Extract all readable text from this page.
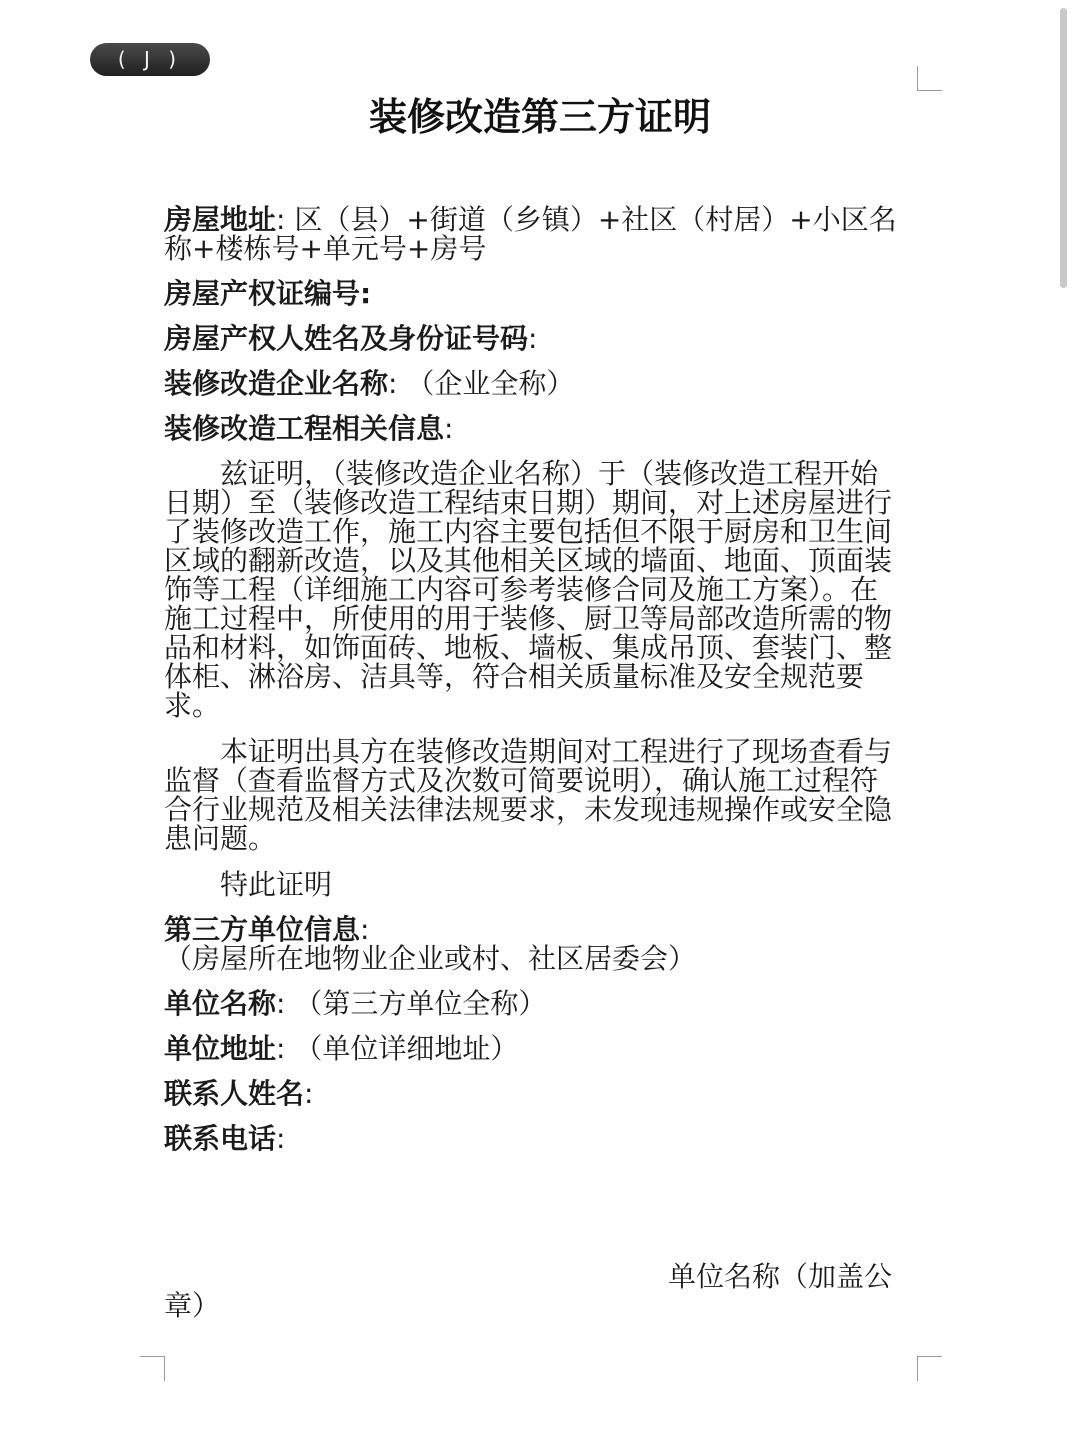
( J )
装修改造第三方证明

房屋地址: 区（县）+街道（乡镇）+社区（村居）+小区名称+楼栋号+单元号+房号

房屋产权证编号:

房屋产权人姓名及身份证号码:

装修改造企业名称: （企业全称）

装修改造工程相关信息:

兹证明，（装修改造企业名称）于（装修改造工程开始日期）至（装修改造工程结束日期）期间，对上述房屋进行了装修改造工作，施工内容主要包括但不限于厨房和卫生间区域的翻新改造，以及其他相关区域的墙面、地面、顶面装饰等工程（详细施工内容可参考装修合同及施工方案）。在施工过程中，所使用的用于装修、厨卫等局部改造所需的物品和材料，如饰面砖、地板、墙板、集成吊顶、套装门、整体柜、淋浴房、洁具等，符合相关质量标准及安全规范要求。

本证明出具方在装修改造期间对工程进行了现场查看与监督（查看监督方式及次数可简要说明），确认施工过程符合行业规范及相关法律法规要求，未发现违规操作或安全隐患问题。

特此证明

第三方单位信息: （房屋所在地物业企业或村、社区居委会）

单位名称: （第三方单位全称）

单位地址: （单位详细地址）

联系人姓名:

联系电话:

单位名称（加盖公
章）
